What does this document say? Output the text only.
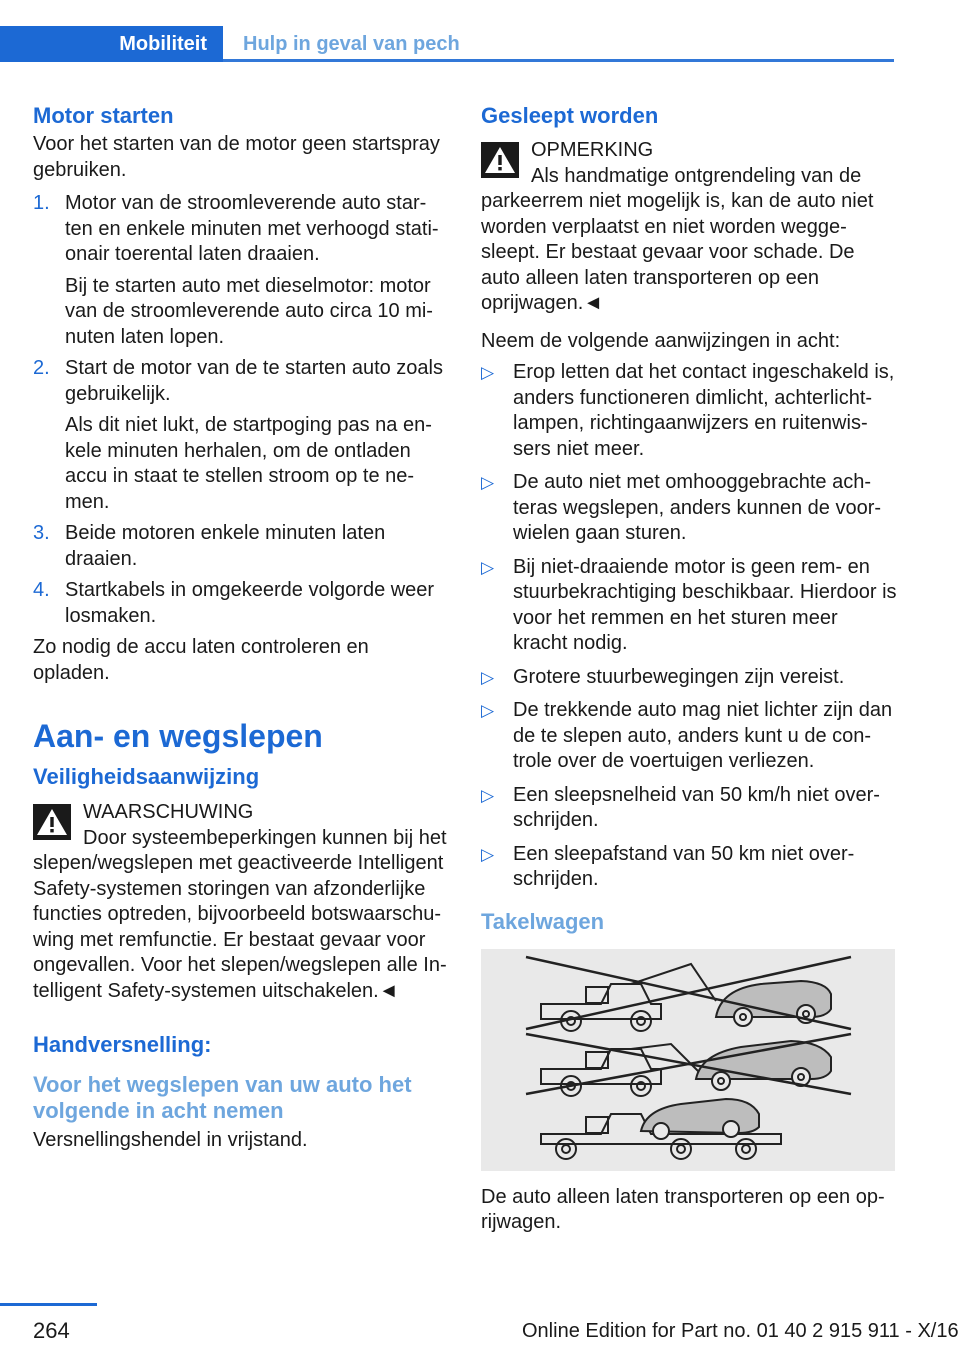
Mobiliteit	Hulp in geval van pech
Motor starten
Voor het starten van de motor geen startspray gebruiken.
1. Motor van de stroomleverende auto star-ten en enkele minuten met verhoogd stati-onair toerental laten draaien.
Bij te starten auto met dieselmotor: motor van de stroomleverende auto circa 10 mi-nuten laten lopen.
2. Start de motor van de te starten auto zoals gebruikelijk.
Als dit niet lukt, de startpoging pas na en-kele minuten herhalen, om de ontladen accu in staat te stellen stroom op te ne-men.
3. Beide motoren enkele minuten laten draaien.
4. Startkabels in omgekeerde volgorde weer losmaken.
Zo nodig de accu laten controleren en opladen.
Aan- en wegslepen
Veiligheidsaanwijzing
WAARSCHUWING
Door systeembeperkingen kunnen bij het slepen/wegslepen met geactiveerde Intelligent Safety-systemen storingen van afzonderlijke functies optreden, bijvoorbeeld botswaarschu-wing met remfunctie. Er bestaat gevaar voor ongevallen. Voor het slepen/wegslepen alle In-telligent Safety-systemen uitschakelen.◄
Handversnelling:
Voor het wegslepen van uw auto het volgende in acht nemen
Versnellingshendel in vrijstand.
Gesleept worden
OPMERKING
Als handmatige ontgrendeling van de parkeerrem niet mogelijk is, kan de auto niet worden verplaatst en niet worden wegge-sleept. Er bestaat gevaar voor schade. De auto alleen laten transporteren op een oprijwagen.◄
Neem de volgende aanwijzingen in acht:
▷ Erop letten dat het contact ingeschakeld is, anders functioneren dimlicht, achterlicht-lampen, richtingaanwijzers en ruitenwis-sers niet meer.
▷ De auto niet met omhooggebrachte ach-teras wegslepen, anders kunnen de voor-wielen gaan sturen.
▷ Bij niet-draaiende motor is geen rem- en stuurbekrachtiging beschikbaar. Hierdoor is voor het remmen en het sturen meer kracht nodig.
▷ Grotere stuurbewegingen zijn vereist.
▷ De trekkende auto mag niet lichter zijn dan de te slepen auto, anders kunt u de con-trole over de voertuigen verliezen.
▷ Een sleepsnelheid van 50 km/h niet over-schrijden.
▷ Een sleepafstand van 50 km niet over-schrijden.
Takelwagen
De auto alleen laten transporteren op een op-rijwagen.
264	Online Edition for Part no. 01 40 2 915 911 - X/16
